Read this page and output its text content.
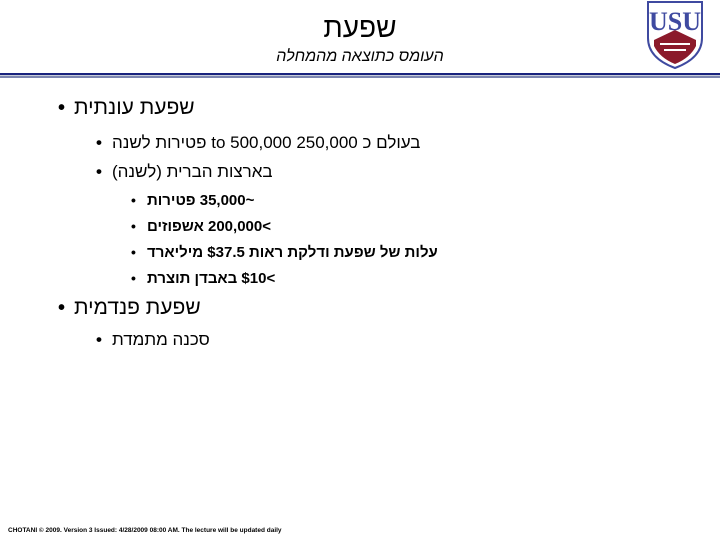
שפעת
העומס כתוצאה מהמחלה
USU
• שפעת עונתית
• בעולם כ 250,000 to 500,000 פטירות לשנה
• בארצות הברית (לשנה)
• ~35,000 פטירות
• >200,000 אשפוזים
• עלות של שפעת ודלקת ראות $37.5 מיליארד
• >$10 באבדן תוצרת
• שפעת פנדמית
• סכנה מתמדת
CHOTANI © 2009. Version 3 Issued: 4/28/2009 08:00 AM. The lecture will be updated daily
